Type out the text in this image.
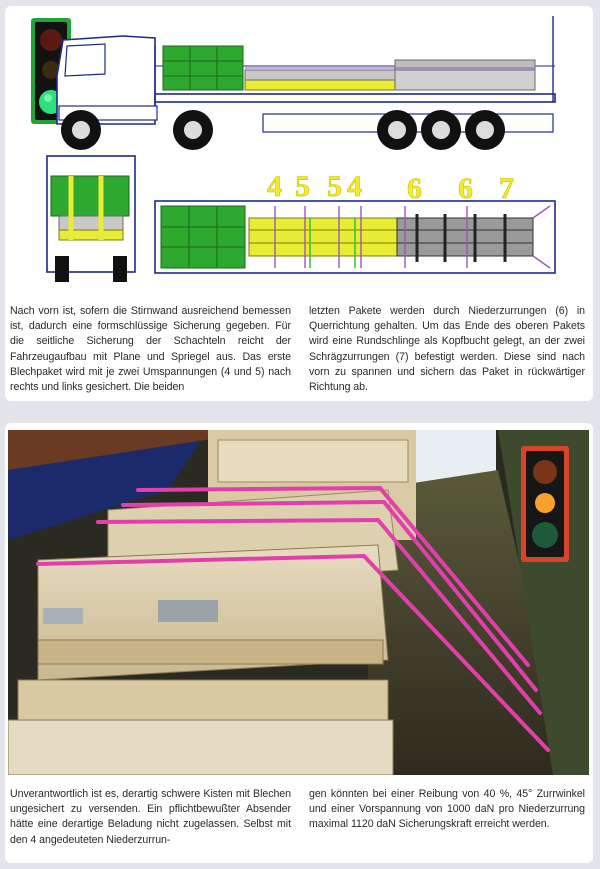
4 5 5 4 6 6 7
Nach vorn ist, sofern die Stirnwand ausreichend bemessen ist, dadurch eine formschlüssige Sicherung gegeben. Für die seitliche Sicherung der Schachteln reicht der Fahrzeugaufbau mit Plane und Spriegel aus. Das erste Blechpaket wird mit je zwei Umspannungen (4 und 5) nach rechts und links gesichert. Die beiden
letzten Pakete werden durch Niederzurrungen (6) in Querrichtung gehalten. Um das Ende des oberen Pakets wird eine Rundschlinge als Kopfbucht gelegt, an der zwei Schrägzurrungen (7) befestigt werden. Diese sind nach vorn zu spannen und sichern das Paket in rückwärtiger Richtung ab.
Unverantwortlich ist es, derartig schwere Kisten mit Blechen ungesichert zu versenden. Ein pflichtbewußter Absender hätte eine derartige Beladung nicht zugelassen. Selbst mit den 4 angedeuteten Niederzurrun-
gen könnten bei einer Reibung von 40 %, 45° Zurrwinkel und einer Vorspannung von 1000 daN pro Niederzurrung maximal 1120 daN Sicherungskraft erreicht werden.
